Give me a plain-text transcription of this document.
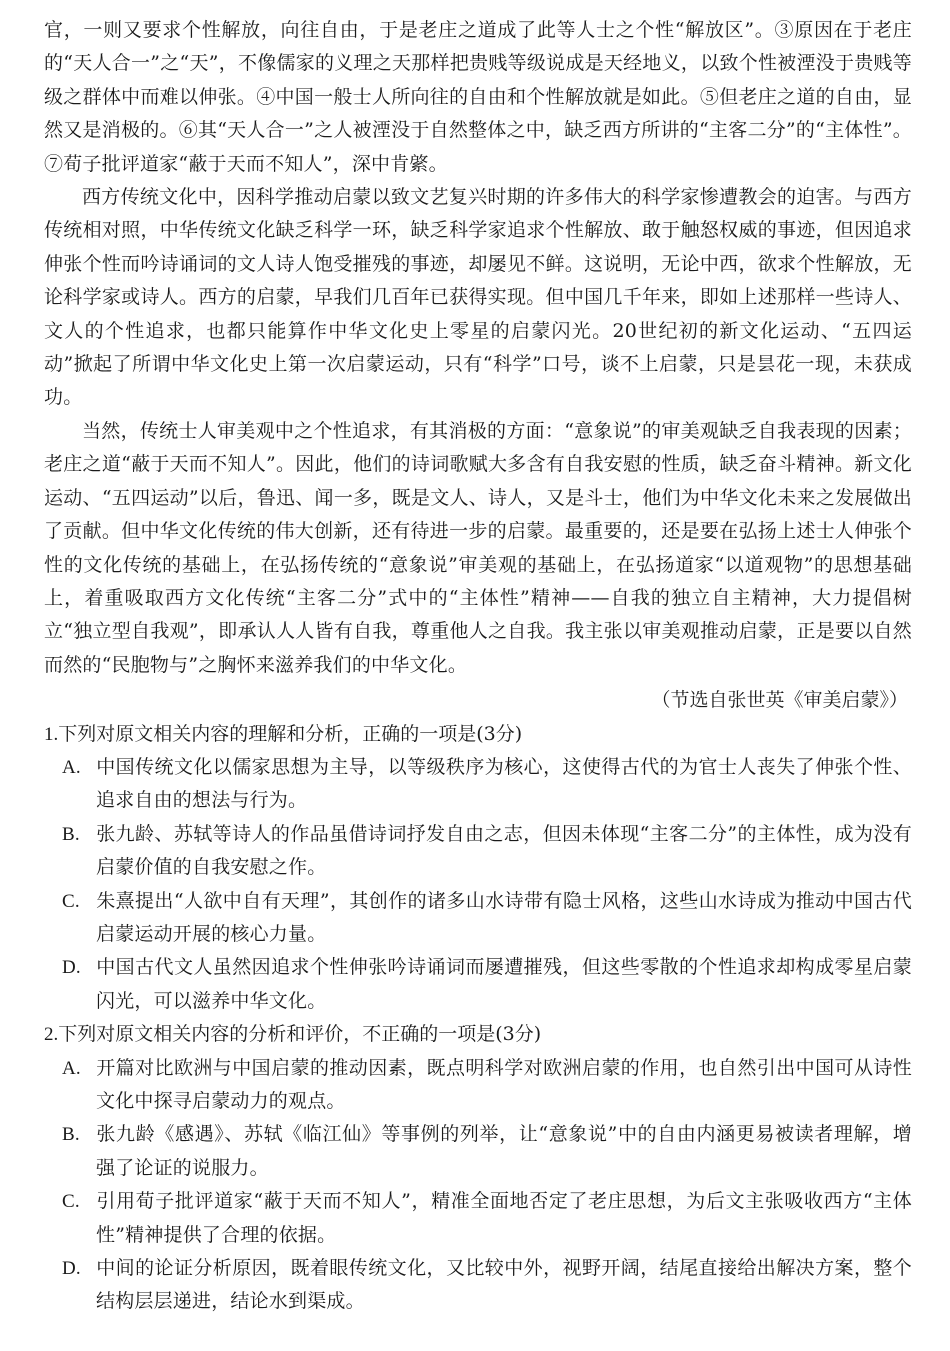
官，一则又要求个性解放，向往自由，于是老庄之道成了此等人士之个性“解放区”。③原因在于老庄的“天人合一”之“天”，不像儒家的义理之天那样把贵贱等级说成是天经地义，以致个性被湮没于贵贱等级之群体中而难以伸张。④中国一般士人所向往的自由和个性解放就是如此。⑤但老庄之道的自由，显然又是消极的。⑥其“天人合一”之人被湮没于自然整体之中，缺乏西方所讲的“主客二分”的“主体性”。⑦荀子批评道家“蔽于天而不知人”，深中肯綮。

西方传统文化中，因科学推动启蒙以致文艺复兴时期的许多伟大的科学家惨遭教会的迫害。与西方传统相对照，中华传统文化缺乏科学一环，缺乏科学家追求个性解放、敢于触怒权威的事迹，但因追求伸张个性而吟诗诵词的文人诗人饱受摧残的事迹，却屡见不鲜。这说明，无论中西，欲求个性解放，无论科学家或诗人。西方的启蒙，早我们几百年已获得实现。但中国几千年来，即如上述那样一些诗人、文人的个性追求，也都只能算作中华文化史上零星的启蒙闪光。20世纪初的新文化运动、“五四运动”掀起了所谓中华文化史上第一次启蒙运动，只有“科学”口号，谈不上启蒙，只是昙花一现，未获成功。

当然，传统士人审美观中之个性追求，有其消极的方面：“意象说”的审美观缺乏自我表现的因素；老庄之道“蔽于天而不知人”。因此，他们的诗词歌赋大多含有自我安慰的性质，缺乏奋斗精神。新文化运动、“五四运动”以后，鲁迅、闻一多，既是文人、诗人，又是斗士，他们为中华文化未来之发展做出了贡献。但中华文化传统的伟大创新，还有待进一步的启蒙。最重要的，还是要在弘扬上述士人伸张个性的文化传统的基础上，在弘扬传统的“意象说”审美观的基础上，在弘扬道家“以道观物”的思想基础上，着重吸取西方文化传统“主客二分”式中的“主体性”精神——自我的独立自主精神，大力提倡树立“独立型自我观”，即承认人人皆有自我，尊重他人之自我。我主张以审美观推动启蒙，正是要以自然而然的“民胞物与”之胸怀来滋养我们的中华文化。

（节选自张世英《审美启蒙》）

1.下列对原文相关内容的理解和分析，正确的一项是(3分)

A. 中国传统文化以儒家思想为主导，以等级秩序为核心，这使得古代的为官士人丧失了伸张个性、追求自由的想法与行为。

B. 张九龄、苏轼等诗人的作品虽借诗词抒发自由之志，但因未体现“主客二分”的主体性，成为没有启蒙价值的自我安慰之作。

C. 朱熹提出“人欲中自有天理”，其创作的诸多山水诗带有隐士风格，这些山水诗成为推动中国古代启蒙运动开展的核心力量。

D. 中国古代文人虽然因追求个性伸张吟诗诵词而屡遭摧残，但这些零散的个性追求却构成零星启蒙闪光，可以滋养中华文化。

2.下列对原文相关内容的分析和评价，不正确的一项是(3分)

A. 开篇对比欧洲与中国启蒙的推动因素，既点明科学对欧洲启蒙的作用，也自然引出中国可从诗性文化中探寻启蒙动力的观点。

B. 张九龄《感遇》、苏轼《临江仙》等事例的列举，让“意象说”中的自由内涵更易被读者理解，增强了论证的说服力。

C. 引用荀子批评道家“蔽于天而不知人”，精准全面地否定了老庄思想，为后文主张吸收西方“主体性”精神提供了合理的依据。

D. 中间的论证分析原因，既着眼传统文化，又比较中外，视野开阔，结尾直接给出解决方案，整个结构层层递进，结论水到渠成。
